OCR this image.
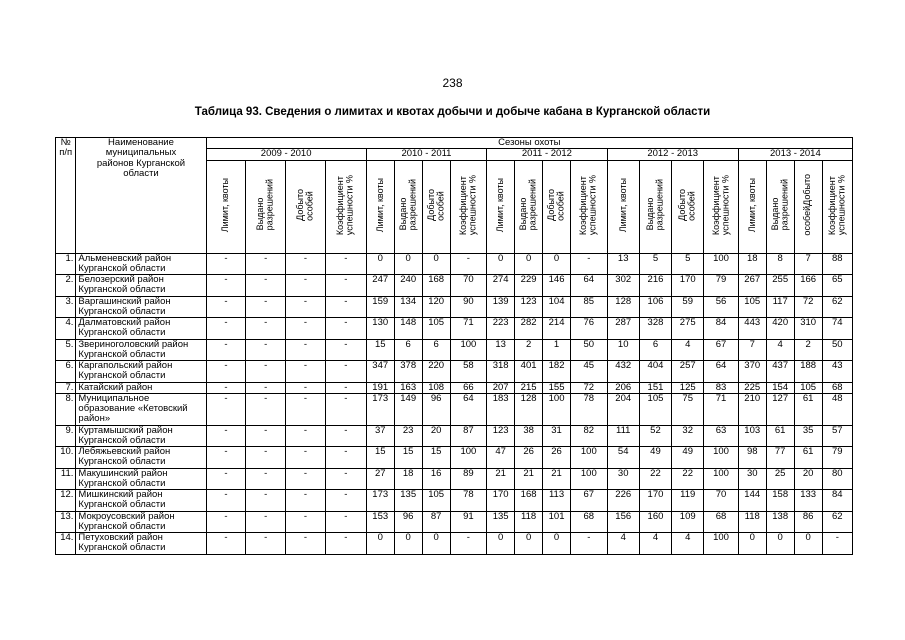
238
Таблица 93. Сведения о лимитах и квотах добычи и добыче кабана в Курганской области
№
п/п	Наименование
муниципальных
районов Курганской
области	Сезоны охоты																			
		2009 - 2010				2010 - 2011				2011 - 2012				2012 - 2013				2013 - 2014			
		Лимит, квоты	Выдано
разрешений	Добыто
особей	Коэффициент
успешности %	Лимит, квоты	Выдано
разрешений	Добыто
особей	Коэффициент
успешности %	Лимит, квоты	Выдано
разрешений	Добыто
особей	Коэффициент
успешности %	Лимит, квоты	Выдано
разрешений	Добыто
особей	Коэффициент
успешности %	Лимит, квоты	Выдано
разрешений	особейДобыто	Коэффициент
успешности %
1.	Альменевский район Курганской области	-	-	-	-	0	0	0	-	0	0	0	-	13	5	5	100	18	8	7	88
2.	Белозерский район Курганской области	-	-	-	-	247	240	168	70	274	229	146	64	302	216	170	79	267	255	166	65
3.	Варгашинский район Курганской области	-	-	-	-	159	134	120	90	139	123	104	85	128	106	59	56	105	117	72	62
4.	Далматовский район Курганской области	-	-	-	-	130	148	105	71	223	282	214	76	287	328	275	84	443	420	310	74
5.	Звериноголовский район Курганской области	-	-	-	-	15	6	6	100	13	2	1	50	10	6	4	67	7	4	2	50
6.	Каргапольский район Курганской области	-	-	-	-	347	378	220	58	318	401	182	45	432	404	257	64	370	437	188	43
7.	Катайский район	-	-	-	-	191	163	108	66	207	215	155	72	206	151	125	83	225	154	105	68
8.	Муниципальное образование «Кетовский район»	-	-	-	-	173	149	96	64	183	128	100	78	204	105	75	71	210	127	61	48
9.	Куртамышский район Курганской области	-	-	-	-	37	23	20	87	123	38	31	82	111	52	32	63	103	61	35	57
10.	Лебяжьевский район Курганской области	-	-	-	-	15	15	15	100	47	26	26	100	54	49	49	100	98	77	61	79
11.	Макушинский район Курганской области	-	-	-	-	27	18	16	89	21	21	21	100	30	22	22	100	30	25	20	80
12.	Мишкинский район Курганской области	-	-	-	-	173	135	105	78	170	168	113	67	226	170	119	70	144	158	133	84
13.	Мокроусовский район Курганской области	-	-	-	-	153	96	87	91	135	118	101	68	156	160	109	68	118	138	86	62
14.	Петуховский район Курганской области	-	-	-	-	0	0	0	-	0	0	0	-	4	4	4	100	0	0	0	-
